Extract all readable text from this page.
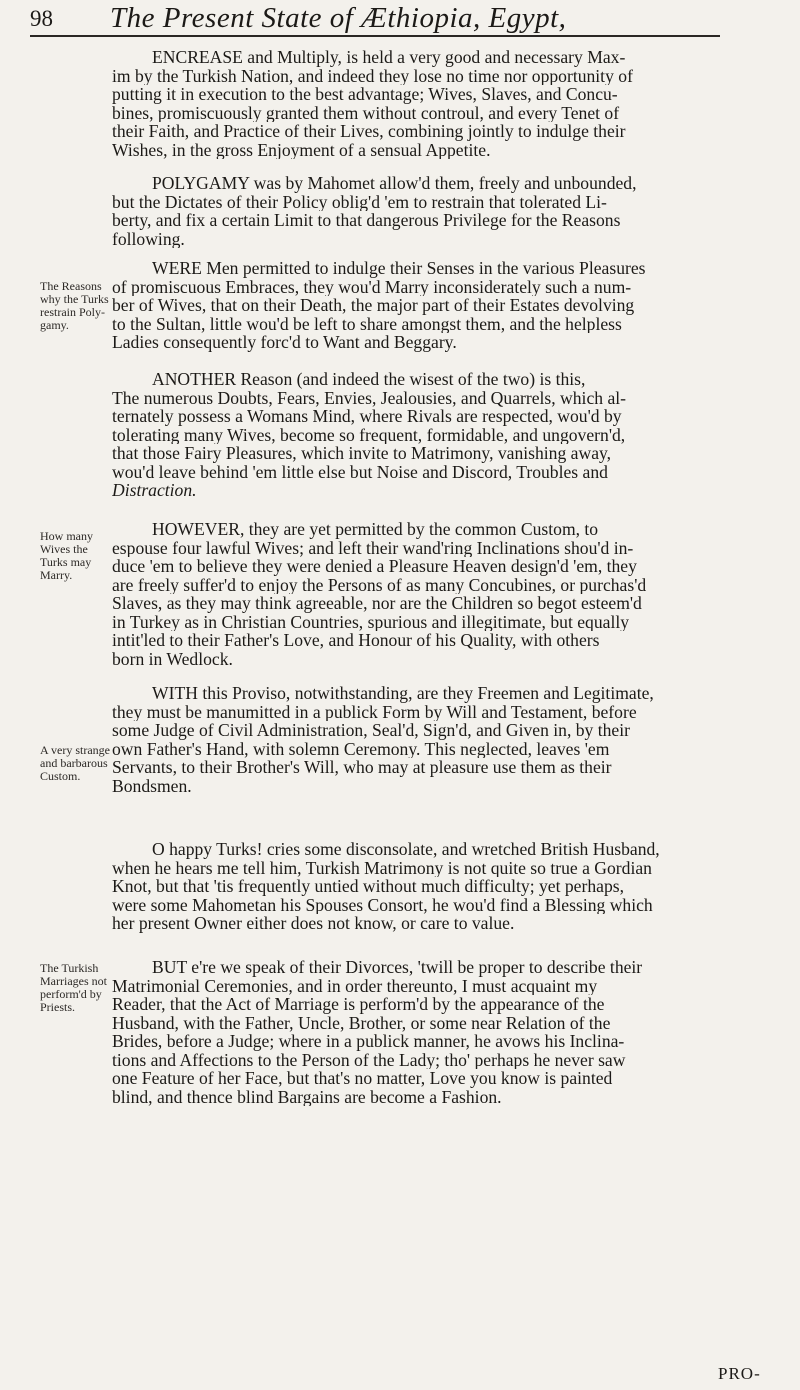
98 The Present State of Æthiopia, Egypt,
ENCREASE and Multiply, is held a very good and necessary Max-
im by the Turkish Nation, and indeed they lose no time nor opportunity of
putting it in execution to the best advantage; Wives, Slaves, and Concu-
bines, promiscuously granted them without controul, and every Tenet of
their Faith, and Practice of their Lives, combining jointly to indulge their
Wishes, in the gross Enjoyment of a sensual Appetite.
POLYGAMY was by Mahomet allow'd them, freely and unbounded,
but the Dictates of their Policy oblig'd 'em to restrain that tolerated Li-
berty, and fix a certain Limit to that dangerous Privilege for the Reasons
following.
WERE Men permitted to indulge their Senses in the various Pleasures
of promiscuous Embraces, they wou'd Marry inconsiderately such a num-
ber of Wives, that on their Death, the major part of their Estates devolving
to the Sultan, little wou'd be left to share amongst them, and the helpless
Ladies consequently forc'd to Want and Beggary.
The Reasons
why the Turks
restrain Poly-
gamy.
ANOTHER Reason (and indeed the wisest of the two) is this,
The numerous Doubts, Fears, Envies, Jealousies, and Quarrels, which al-
ternately possess a Womans Mind, where Rivals are respected, wou'd by
tolerating many Wives, become so frequent, formidable, and ungovern'd,
that those Fairy Pleasures, which invite to Matrimony, vanishing away,
wou'd leave behind 'em little else but Noise and Discord, Troubles and
Distraction.
HOWEVER, they are yet permitted by the common Custom, to
espouse four lawful Wives; and left their wand'ring Inclinations shou'd in-
duce 'em to believe they were denied a Pleasure Heaven design'd 'em, they
are freely suffer'd to enjoy the Persons of as many Concubines, or purchas'd
Slaves, as they may think agreeable, nor are the Children so begot esteem'd
in Turkey as in Christian Countries, spurious and illegitimate, but equally
intit'led to their Father's Love, and Honour of his Quality, with others
born in Wedlock.
How many
Wives the
Turks may
Marry.
WITH this Proviso, notwithstanding, are they Freemen and Legitimate,
they must be manumitted in a publick Form by Will and Testament, before
some Judge of Civil Administration, Seal'd, Sign'd, and Given in, by their
own Father's Hand, with solemn Ceremony. This neglected, leaves 'em
Servants, to their Brother's Will, who may at pleasure use them as their
Bondsmen.
A very strange
and barbarous
Custom.
O happy Turks! cries some disconsolate, and wretched British Husband,
when he hears me tell him, Turkish Matrimony is not quite so true a Gordian
Knot, but that 'tis frequently untied without much difficulty; yet perhaps,
were some Mahometan his Spouses Consort, he wou'd find a Blessing which
her present Owner either does not know, or care to value.
BUT e're we speak of their Divorces, 'twill be proper to describe their
Matrimonial Ceremonies, and in order thereunto, I must acquaint my
Reader, that the Act of Marriage is perform'd by the appearance of the
Husband, with the Father, Uncle, Brother, or some near Relation of the
Brides, before a Judge; where in a publick manner, he avows his Inclina-
tions and Affections to the Person of the Lady; tho' perhaps he never saw
one Feature of her Face, but that's no matter, Love you know is painted
blind, and thence blind Bargains are become a Fashion.
The Turkish
Marriages not
perform'd by
Priests.
PRO-
